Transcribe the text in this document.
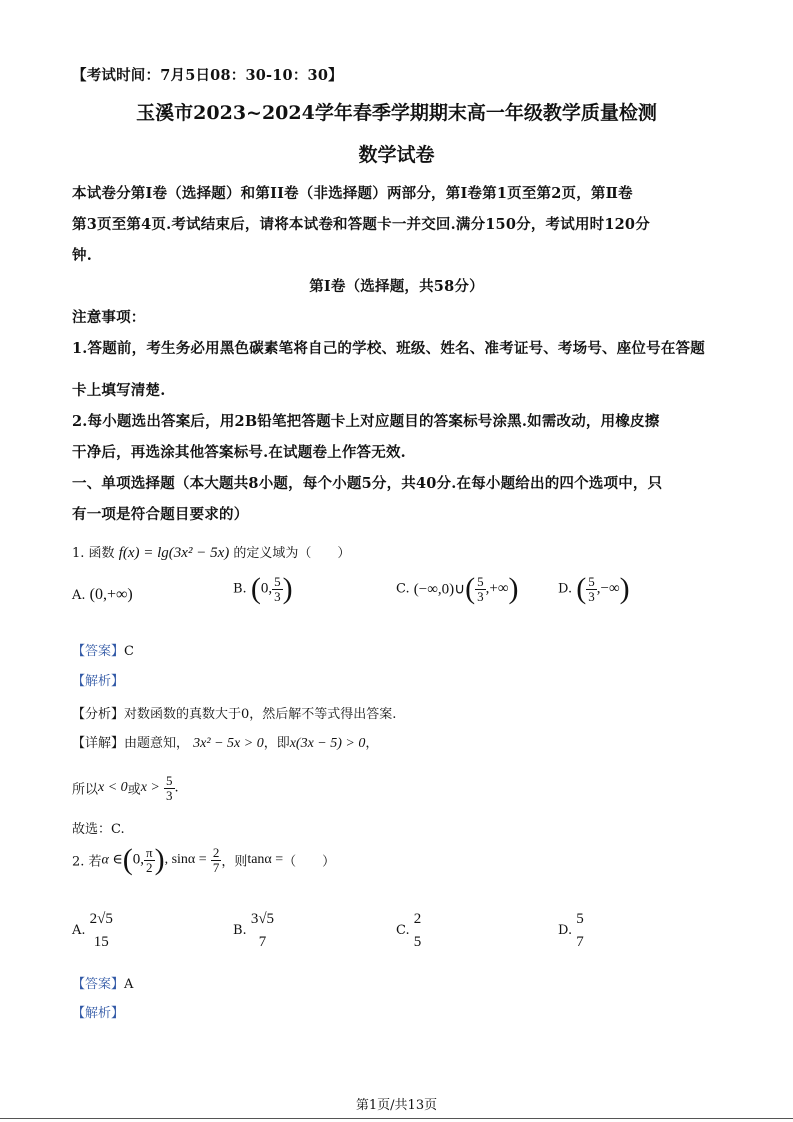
【考试时间：7月5日08：30-10：30】
玉溪市2023~2024学年春季学期期末高一年级教学质量检测
数学试卷
本试卷分第I卷（选择题）和第II卷（非选择题）两部分，第I卷第1页至第2页，第Ⅱ卷
第3页至第4页.考试结束后，请将本试卷和答题卡一并交回.满分150分，考试用时120分
钟.
第I卷（选择题，共58分）
注意事项：
1.答题前，考生务必用黑色碳素笔将自己的学校、班级、姓名、准考证号、考场号、座位号在答题
卡上填写清楚.
2.每小题选出答案后，用2B铅笔把答题卡上对应题目的答案标号涂黑.如需改动，用橡皮擦
干净后，再选涂其他答案标号.在试题卷上作答无效.
一、单项选择题（本大题共8小题，每个小题5分，共40分.在每小题给出的四个选项中，只
有一项是符合题目要求的）
1. 函数 f(x) = lg(3x² − 5x) 的定义域为（　　）
A. (0,+∞)	B. (0, $\frac{5}{3}$ )	C. (−∞,0)∪( $\frac{5}{3}$ ,+∞)	D. ( $\frac{5}{3}$ ,−∞)
【答案】C
【解析】
【分析】对数函数的真数大于0，然后解不等式得出答案.
【详解】由题意知， 3x² − 5x > 0，即x(3x − 5) > 0，
所以x < 0或$x > \frac{5}{3}$ .
故选：C.
2. 若α ∈(0, $\frac{\pi}{2}$ ), $\sin\alpha = \frac{2}{7}$ ，则tanα =（　　）
A.
2√5
15
B.
3√5
7
C.
2
5
D.
5
7
【答案】A
【解析】
第1页/共13页
